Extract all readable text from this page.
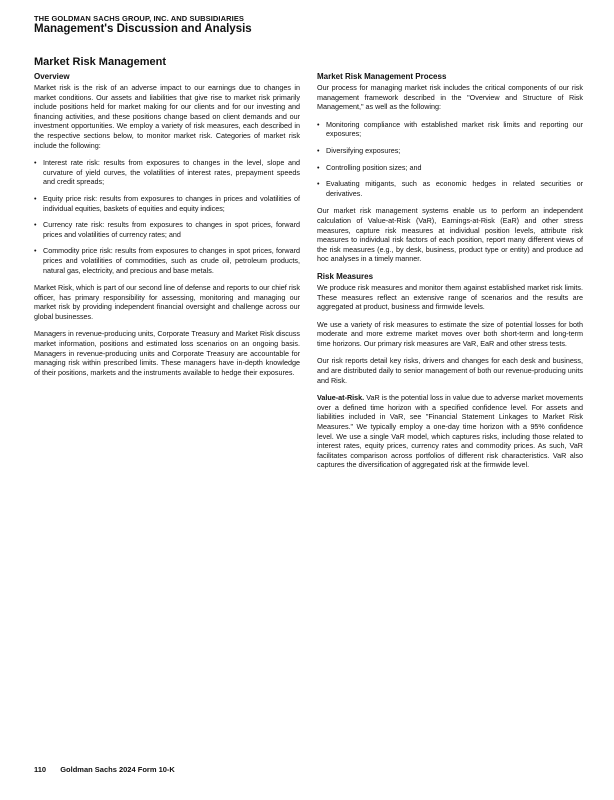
THE GOLDMAN SACHS GROUP, INC. AND SUBSIDIARIES
Management's Discussion and Analysis
Market Risk Management
Overview

Market risk is the risk of an adverse impact to our earnings due to changes in market conditions. Our assets and liabilities that give rise to market risk primarily include positions held for market making for our clients and for our investing and financing activities, and these positions change based on client demands and our investment opportunities. We employ a variety of risk measures, each described in the respective sections below, to monitor market risk. Categories of market risk include the following:

• Interest rate risk: results from exposures to changes in the level, slope and curvature of yield curves, the volatilities of interest rates, prepayment speeds and credit spreads;
• Equity price risk: results from exposures to changes in prices and volatilities of individual equities, baskets of equities and equity indices;
• Currency rate risk: results from exposures to changes in spot prices, forward prices and volatilities of currency rates; and
• Commodity price risk: results from exposures to changes in spot prices, forward prices and volatilities of commodities, such as crude oil, petroleum products, natural gas, electricity, and precious and base metals.

Market Risk, which is part of our second line of defense and reports to our chief risk officer, has primary responsibility for assessing, monitoring and managing our market risk by providing independent financial oversight and challenge across our global businesses.

Managers in revenue-producing units, Corporate Treasury and Market Risk discuss market information, positions and estimated loss scenarios on an ongoing basis. Managers in revenue-producing units and Corporate Treasury are accountable for managing risk within prescribed limits. These managers have in-depth knowledge of their positions, markets and the instruments available to hedge their exposures.

Market Risk Management Process

Our process for managing market risk includes the critical components of our risk management framework described in the "Overview and Structure of Risk Management," as well as the following:

• Monitoring compliance with established market risk limits and reporting our exposures;
• Diversifying exposures;
• Controlling position sizes; and
• Evaluating mitigants, such as economic hedges in related securities or derivatives.

Our market risk management systems enable us to perform an independent calculation of Value-at-Risk (VaR), Earnings-at-Risk (EaR) and other stress measures, capture risk measures at individual position levels, attribute risk measures to individual risk factors of each position, report many different views of the risk measures (e.g., by desk, business, product type or entity) and produce ad hoc analyses in a timely manner.

Risk Measures

We produce risk measures and monitor them against established market risk limits. These measures reflect an extensive range of scenarios and the results are aggregated at product, business and firmwide levels.

We use a variety of risk measures to estimate the size of potential losses for both moderate and more extreme market moves over both short-term and long-term time horizons. Our primary risk measures are VaR, EaR and other stress tests.

Our risk reports detail key risks, drivers and changes for each desk and business, and are distributed daily to senior management of both our revenue-producing units and Risk.

Value-at-Risk. VaR is the potential loss in value due to adverse market movements over a defined time horizon with a specified confidence level. For assets and liabilities included in VaR, see "Financial Statement Linkages to Market Risk Measures." We typically employ a one-day time horizon with a 95% confidence level. We use a single VaR model, which captures risks, including those related to interest rates, equity prices, currency rates and commodity prices. As such, VaR facilitates comparison across portfolios of different risk characteristics. VaR also captures the diversification of aggregated risk at the firmwide level.

110 Goldman Sachs 2024 Form 10-K
